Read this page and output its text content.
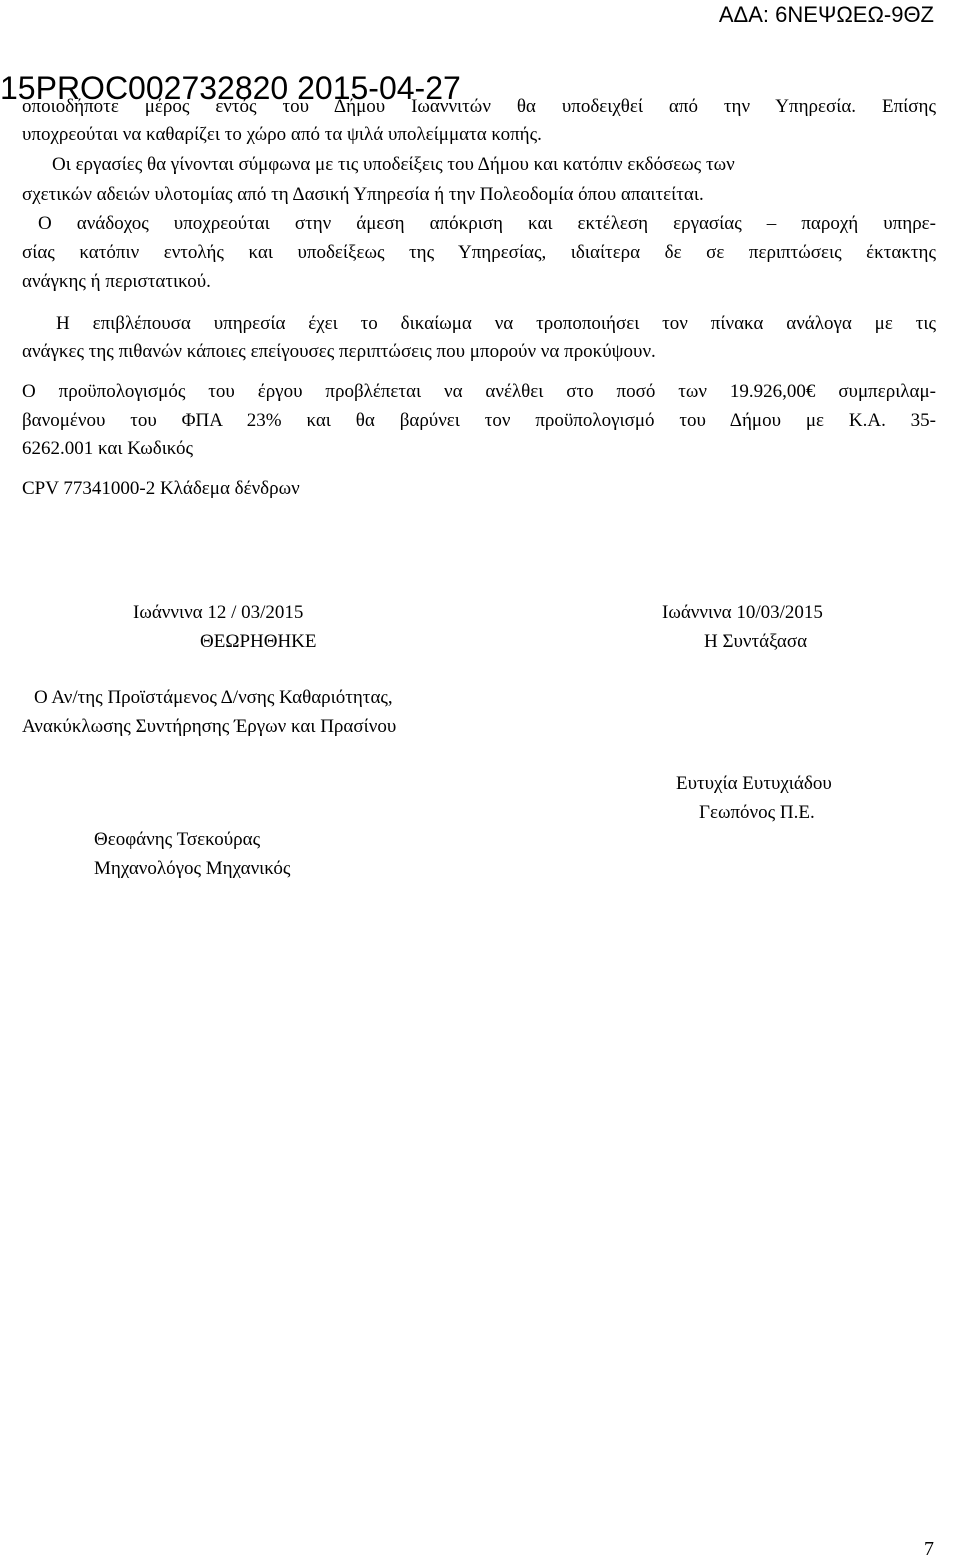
ΑΔΑ: 6ΝΕΨΩΕΩ-9ΘΖ
οποιοδήποτε μέρος εντός του Δήμου Ιωαννιτών θα υποδειχθεί από την Υπηρεσία. Επίσης
υποχρεούται να καθαρίζει το χώρο από τα ψιλά υπολείμματα κοπής.
15PROC002732820 2015-04-27
Οι εργασίες θα γίνονται σύμφωνα με τις υποδείξεις του Δήμου και κατόπιν εκδόσεως των
σχετικών αδειών υλοτομίας από τη Δασική Υπηρεσία ή την Πολεοδομία όπου απαιτείται.
Ο ανάδοχος υποχρεούται στην άμεση απόκριση και εκτέλεση εργασίας – παροχή υπηρε-
σίας κατόπιν εντολής και υποδείξεως της Υπηρεσίας, ιδιαίτερα δε σε περιπτώσεις έκτακτης
ανάγκης ή περιστατικού.
Η επιβλέπουσα υπηρεσία έχει το δικαίωμα να τροποποιήσει τον πίνακα ανάλογα με τις
ανάγκες της πιθανών κάποιες επείγουσες περιπτώσεις που μπορούν να προκύψουν.
Ο προϋπολογισμός του έργου προβλέπεται να ανέλθει στο ποσό των 19.926,00€ συμπεριλαμ-
βανομένου του ΦΠΑ 23% και θα βαρύνει τον προϋπολογισμό του Δήμου με Κ.Α. 35-
6262.001 και Κωδικός
CPV 77341000-2 Κλάδεμα δένδρων
Ιωάννινα 12 / 03/2015
ΘΕΩΡΗΘΗΚΕ
Ιωάννινα 10/03/2015
Η Συντάξασα
Ο Αν/της Προϊστάμενος Δ/νσης Καθαριότητας,
Ανακύκλωσης Συντήρησης Έργων και Πρασίνου
Ευτυχία Ευτυχιάδου
Γεωπόνος Π.Ε.
Θεοφάνης Τσεκούρας
Μηχανολόγος Μηχανικός
7
